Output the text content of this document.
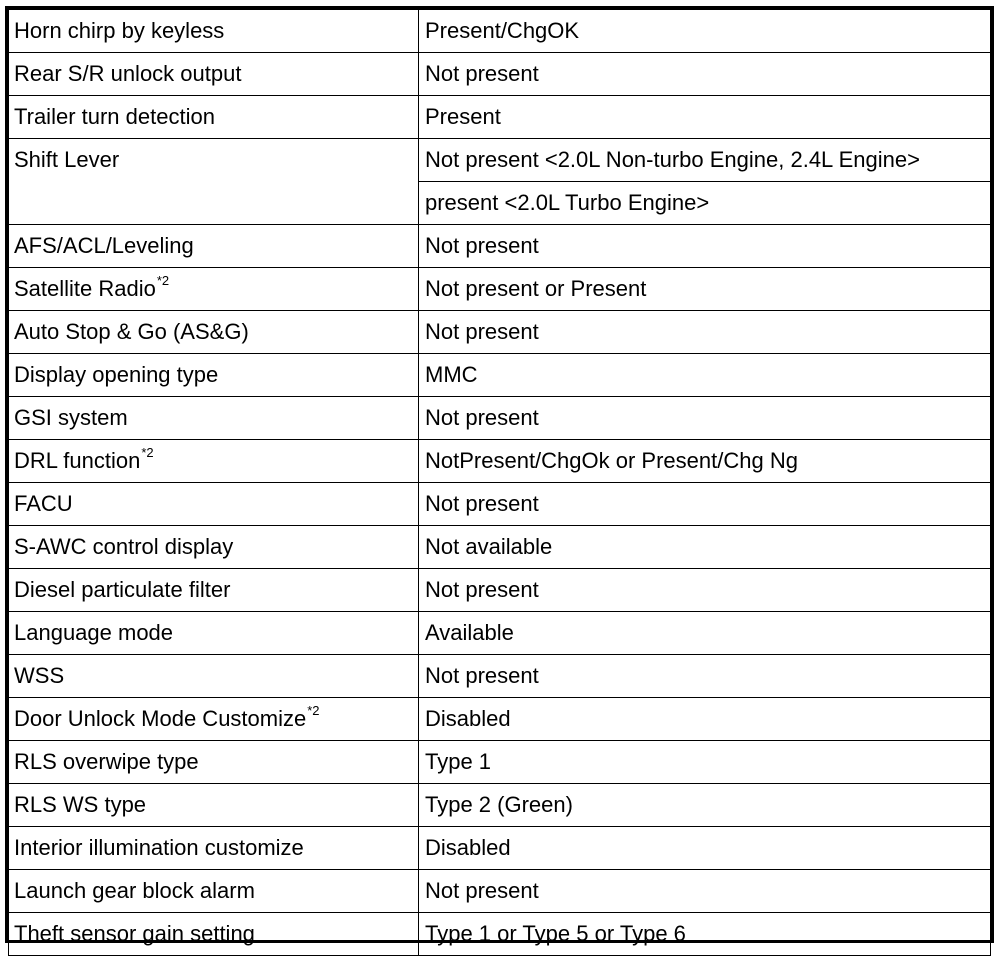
Horn chirp by keyless	Present/ChgOK
Rear S/R unlock output	Not present
Trailer turn detection	Present
Shift Lever	Not present <2.0L Non-turbo Engine, 2.4L Engine>
	present <2.0L Turbo Engine>
AFS/ACL/Leveling	Not present
Satellite Radio$^{*2}$	Not present or Present
Auto Stop & Go (AS&G)	Not present
Display opening type	MMC
GSI system	Not present
DRL function$^{*2}$	NotPresent/ChgOk or Present/Chg Ng
FACU	Not present
S-AWC control display	Not available
Diesel particulate filter	Not present
Language mode	Available
WSS	Not present
Door Unlock Mode Customize$^{*2}$	Disabled
RLS overwipe type	Type 1
RLS WS type	Type 2 (Green)
Interior illumination customize	Disabled
Launch gear block alarm	Not present
Theft sensor gain setting	Type 1 or Type 5 or Type 6
